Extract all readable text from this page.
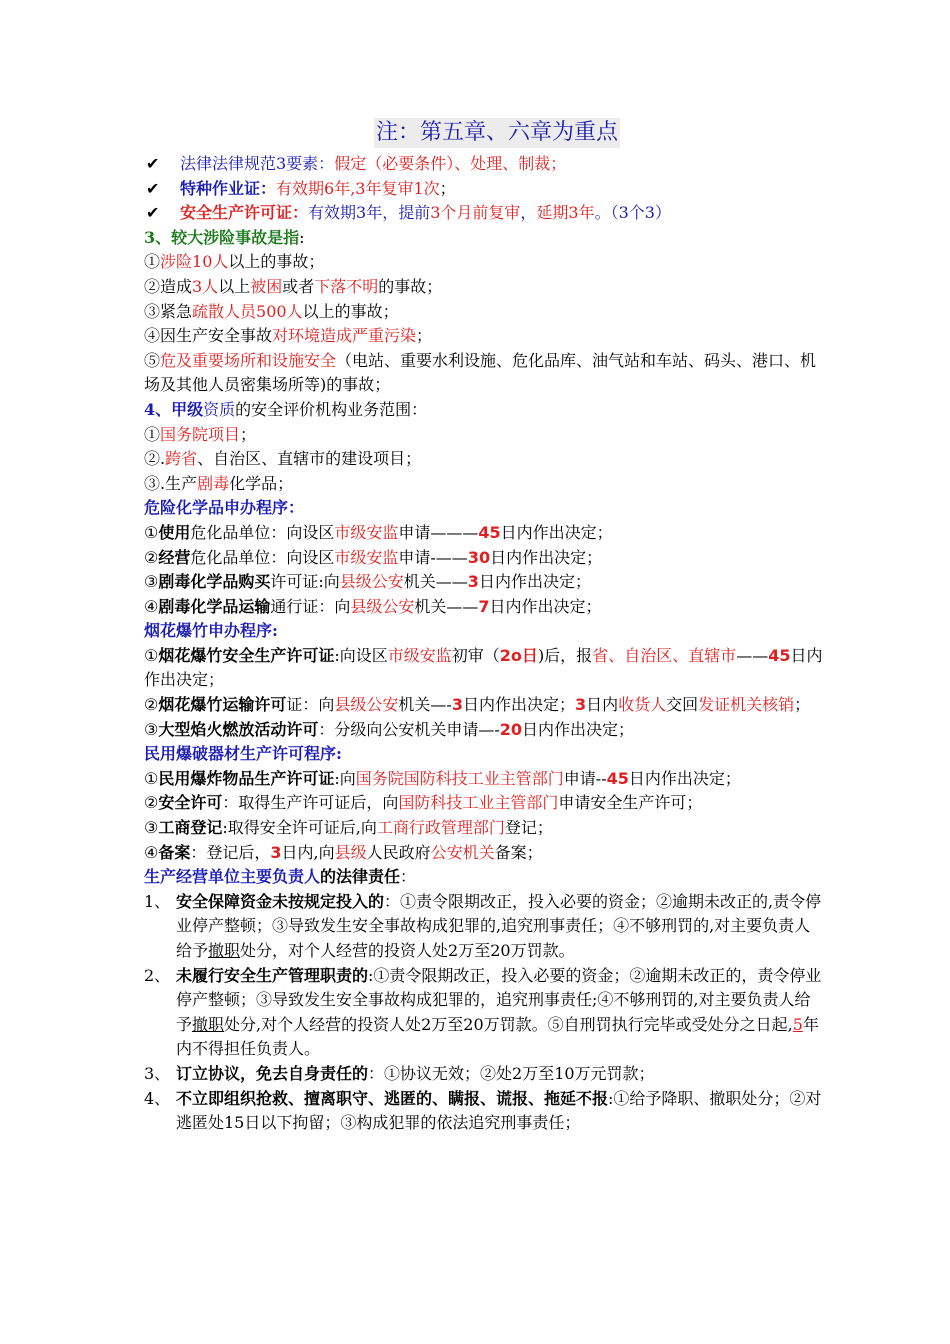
注：第五章、六章为重点
✔ 法律法律规范3要素：假定（必要条件）、处理、制裁；
✔ 特种作业证：有效期6年,3年复审1次；
✔ 安全生产许可证：有效期3年，提前3个月前复审，延期3年。（3个3）
3、较大涉险事故是指:
①涉险10人以上的事故；
②造成3人以上被困或者下落不明的事故；
③紧急疏散人员500人以上的事故；
④因生产安全事故对环境造成严重污染；
⑤危及重要场所和设施安全（电站、重要水利设施、危化品库、油气站和车站、码头、港口、机场及其他人员密集场所等)的事故；
4、甲级资质的安全评价机构业务范围：
①国务院项目；
②.跨省、自治区、直辖市的建设项目；
③.生产剧毒化学品；
危险化学品申办程序：
①使用危化品单位：向设区市级安监申请———45日内作出决定；
②经营危化品单位：向设区市级安监申请-——30日内作出决定；
③剧毒化学品购买许可证:向县级公安机关——3日内作出决定；
④剧毒化学品运输通行证：向县级公安机关——7日内作出决定；
烟花爆竹申办程序:
①烟花爆竹安全生产许可证:向设区市级安监初审（2o日)后，报省、自治区、直辖市——45日内作出决定；
②烟花爆竹运输许可证：向县级公安机关—-3日内作出决定；3日内收货人交回发证机关核销；
③大型焰火燃放活动许可：分级向公安机关申请—-20日内作出决定；
民用爆破器材生产许可程序:
①民用爆炸物品生产许可证:向国务院国防科技工业主管部门申请--45日内作出决定；
②安全许可：取得生产许可证后，向国防科技工业主管部门申请安全生产许可；
③工商登记:取得安全许可证后,向工商行政管理部门登记；
④备案：登记后，3日内,向县级人民政府公安机关备案；
生产经营单位主要负责人的法律责任：
1、 安全保障资金未按规定投入的：①责令限期改正，投入必要的资金；②逾期未改正的,责令停业停产整顿；③导致发生安全事故构成犯罪的,追究刑事责任；④不够刑罚的,对主要负责人给予撤职处分，对个人经营的投资人处2万至20万罚款。
2、 未履行安全生产管理职责的:①责令限期改正，投入必要的资金；②逾期未改正的，责令停业停产整顿；③导致发生安全事故构成犯罪的，追究刑事责任;④不够刑罚的,对主要负责人给予撤职处分,对个人经营的投资人处2万至20万罚款。⑤自刑罚执行完毕或受处分之日起,5年内不得担任负责人。
3、 订立协议，免去自身责任的：①协议无效；②处2万至10万元罚款；
4、 不立即组织抢救、擅离职守、逃匿的、瞒报、谎报、拖延不报:①给予降职、撤职处分；②对逃匿处15日以下拘留；③构成犯罪的依法追究刑事责任；
